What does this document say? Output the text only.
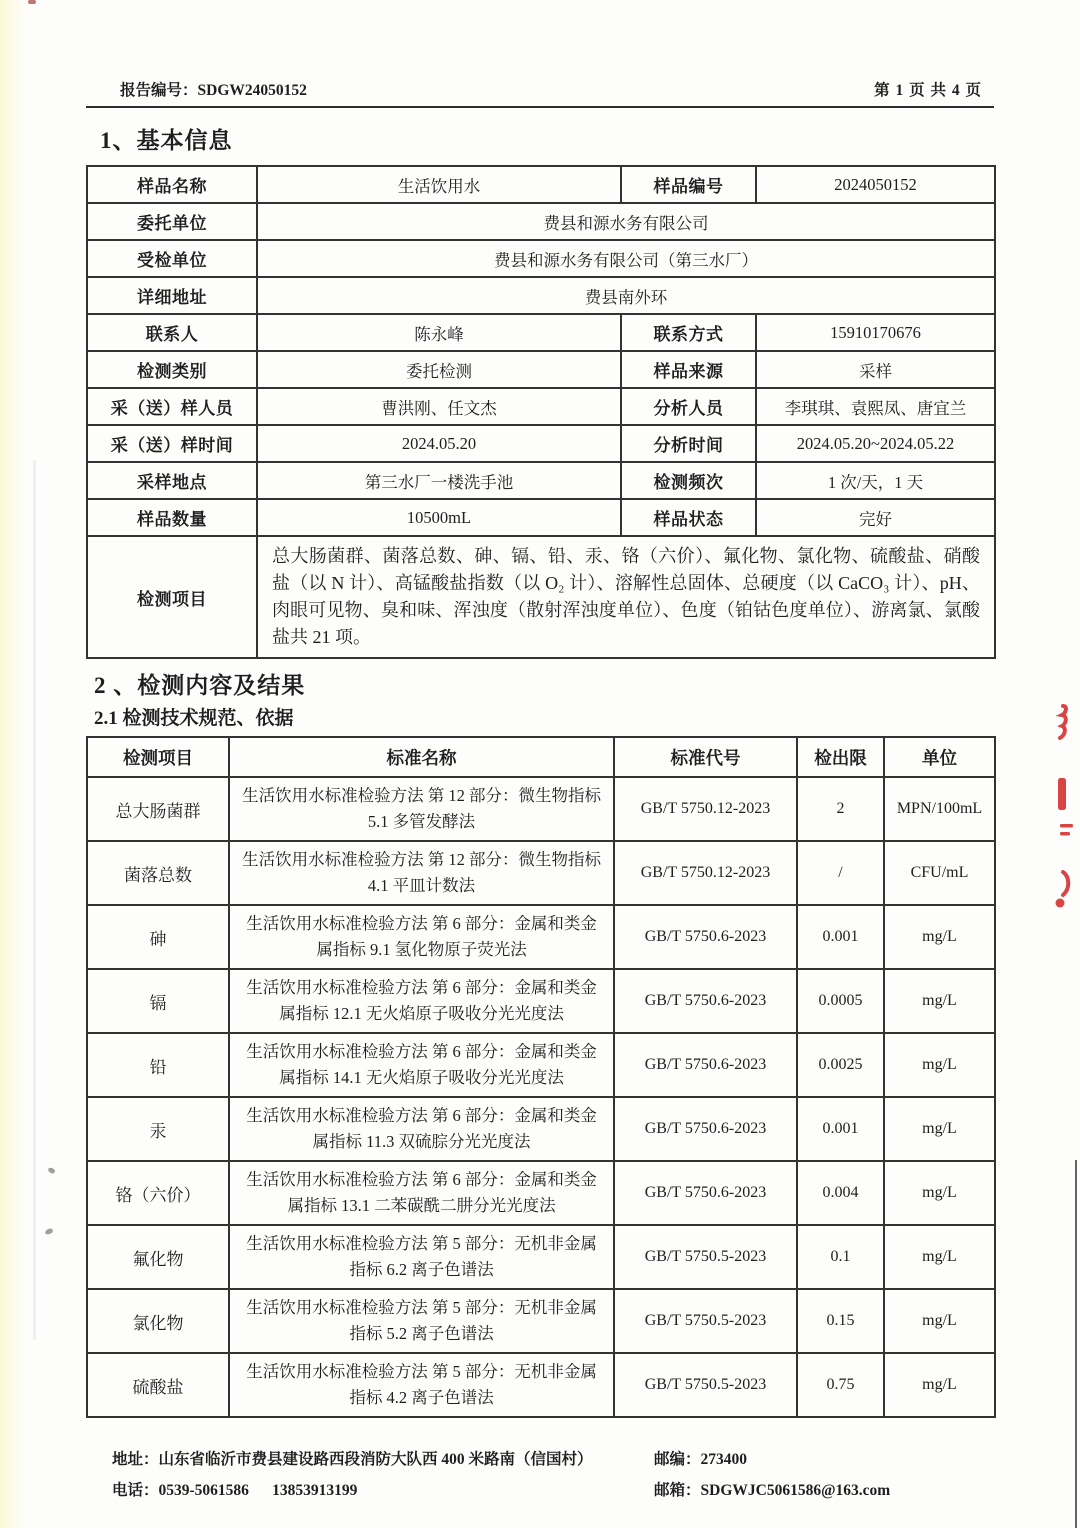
报告编号：SDGW24050152	第 1 页 共 4 页
1、基本信息
样品名称	生活饮用水	样品编号	2024050152
委托单位	费县和源水务有限公司		
受检单位	费县和源水务有限公司（第三水厂）		
详细地址	费县南外环		
联系人	陈永峰	联系方式	15910170676
检测类别	委托检测	样品来源	采样
采（送）样人员	曹洪刚、任文杰	分析人员	李琪琪、袁熙凤、唐宜兰
采（送）样时间	2024.05.20	分析时间	2024.05.20~2024.05.22
采样地点	第三水厂一楼洗手池	检测频次	1 次/天，1 天
样品数量	10500mL	样品状态	完好
检测项目	总大肠菌群、菌落总数、砷、镉、铅、汞、铬（六价）、氟化物、氯化物、硫酸盐、硝酸盐（以 N 计）、高锰酸盐指数（以 O₂ 计）、溶解性总固体、总硬度（以 CaCO₃ 计）、pH、肉眼可见物、臭和味、浑浊度（散射浑浊度单位）、色度（铂钴色度单位）、游离氯、氯酸盐共 21 项。		
2 、检测内容及结果
2.1 检测技术规范、依据
检测项目	标准名称	标准代号	检出限	单位
总大肠菌群	生活饮用水标准检验方法 第 12 部分：微生物指标 5.1 多管发酵法	GB/T 5750.12-2023	2	MPN/100mL
菌落总数	生活饮用水标准检验方法 第 12 部分：微生物指标 4.1 平皿计数法	GB/T 5750.12-2023	/	CFU/mL
砷	生活饮用水标准检验方法 第 6 部分：金属和类金属指标 9.1 氢化物原子荧光法	GB/T 5750.6-2023	0.001	mg/L
镉	生活饮用水标准检验方法 第 6 部分：金属和类金属指标 12.1 无火焰原子吸收分光光度法	GB/T 5750.6-2023	0.0005	mg/L
铅	生活饮用水标准检验方法 第 6 部分：金属和类金属指标 14.1 无火焰原子吸收分光光度法	GB/T 5750.6-2023	0.0025	mg/L
汞	生活饮用水标准检验方法 第 6 部分：金属和类金属指标 11.3 双硫腙分光光度法	GB/T 5750.6-2023	0.001	mg/L
铬（六价）	生活饮用水标准检验方法 第 6 部分：金属和类金属指标 13.1 二苯碳酰二肼分光光度法	GB/T 5750.6-2023	0.004	mg/L
氟化物	生活饮用水标准检验方法 第 5 部分：无机非金属指标 6.2 离子色谱法	GB/T 5750.5-2023	0.1	mg/L
氯化物	生活饮用水标准检验方法 第 5 部分：无机非金属指标 5.2 离子色谱法	GB/T 5750.5-2023	0.15	mg/L
硫酸盐	生活饮用水标准检验方法 第 5 部分：无机非金属指标 4.2 离子色谱法	GB/T 5750.5-2023	0.75	mg/L
地址：山东省临沂市费县建设路西段消防大队西 400 米路南（信国村）	邮编：273400
电话：0539-5061586      13853913199	邮箱：SDGWJC5061586@163.com
